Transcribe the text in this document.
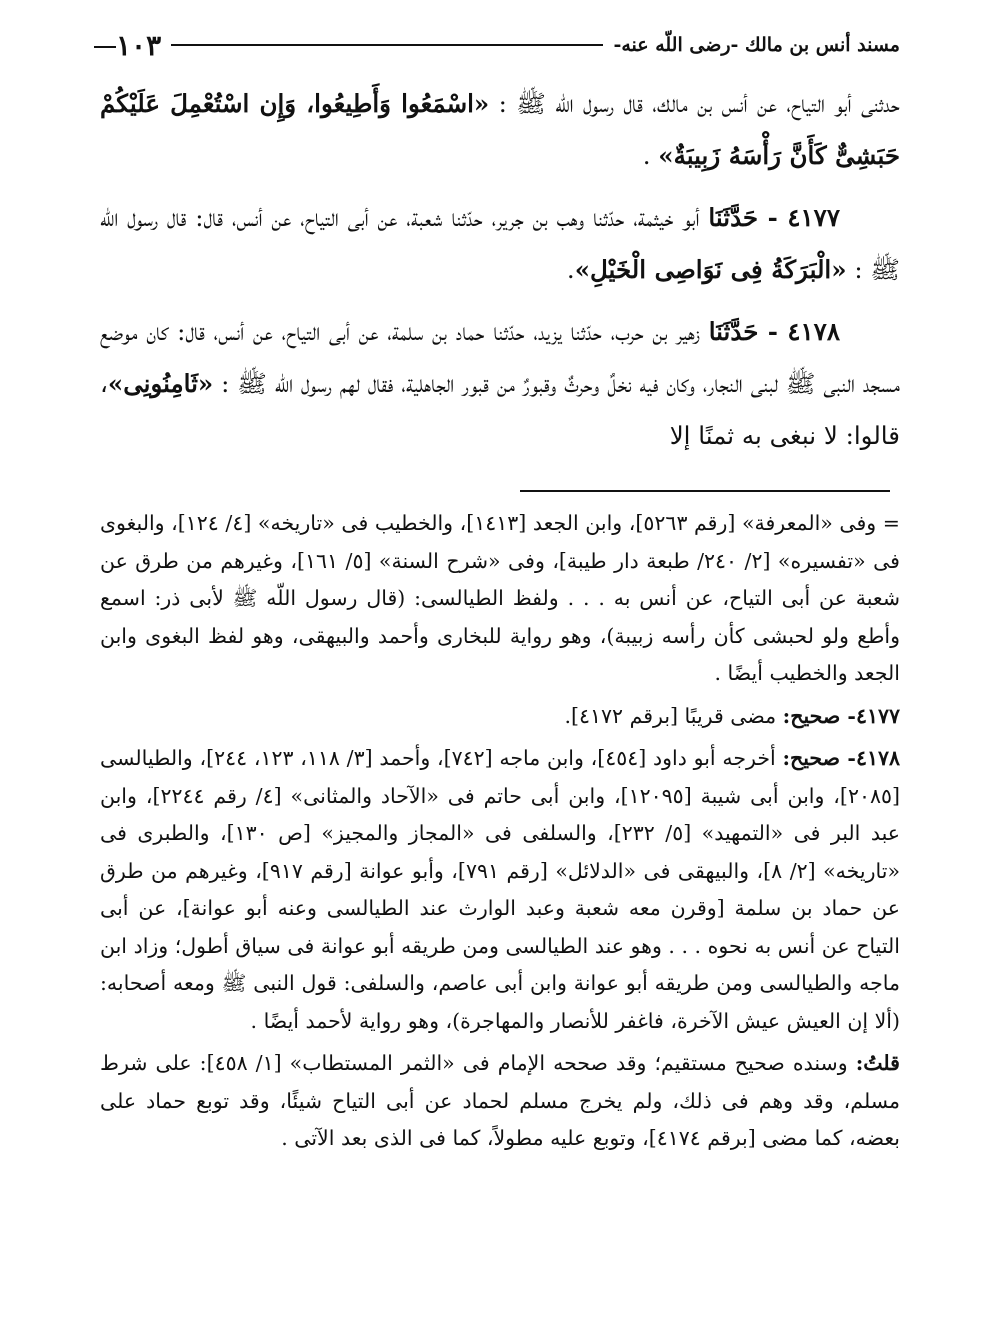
مسند أنس بن مالك -رضى اللّه عنه-
١٠٣

حدثنى أبو التياح، عن أنس بن مالك، قال رسول اللّه ﷺ : «اسْمَعُوا وَأَطِيعُوا، وَإِن اسْتُعْمِلَ عَلَيْكُمْ حَبَشِىٌّ كَأَنَّ رَأْسَهُ زَبِيبَةٌ» .

٤١٧٧ - حَدَّثَنَا أبو خيثمة، حدّثنا وهب بن جرير، حدّثنا شعبة، عن أبى التياح، عن أنس، قال: قال رسول اللّه ﷺ : «الْبَرَكَةُ فِى نَوَاصِى الْخَيْلِ».

٤١٧٨ - حَدَّثَنَا زهير بن حرب، حدّثنا يزيد، حدّثنا حماد بن سلمة، عن أبى التياح، عن أنس، قال: كان موضع مسجد النبى ﷺ لبنى النجار، وكان فيه نخلٌ وحرثٌ وقبورٌ من قبور الجاهلية، فقال لهم رسول اللّه ﷺ : «ثَامِنُونِى»، قالوا: لا نبغى به ثمنًا إلا

= وفى «المعرفة» [رقم ٥٢٦٣]، وابن الجعد [١٤١٣]، والخطيب فى «تاريخه» [٤/ ١٢٤]، والبغوى فى «تفسيره» [٢/ ٢٤٠/ طبعة دار طيبة]، وفى «شرح السنة» [٥/ ١٦١]، وغيرهم من طرق عن شعبة عن أبى التياح، عن أنس به . . . ولفظ الطيالسى: (قال رسول اللّه ﷺ لأبى ذر: اسمع وأطع ولو لحبشى كأن رأسه زبيبة)، وهو رواية للبخارى وأحمد والبيهقى، وهو لفظ البغوى وابن الجعد والخطيب أيضًا .

٤١٧٧- صحيح: مضى قريبًا [برقم ٤١٧٢].

٤١٧٨- صحيح: أخرجه أبو داود [٤٥٤]، وابن ماجه [٧٤٢]، وأحمد [٣/ ١١٨، ١٢٣، ٢٤٤]، والطيالسى [٢٠٨٥]، وابن أبى شيبة [١٢٠٩٥]، وابن أبى حاتم فى «الآحاد والمثانى» [٤/ رقم ٢٢٤٤]، وابن عبد البر فى «التمهيد» [٥/ ٢٣٢]، والسلفى فى «المجاز والمجيز» [ص ١٣٠]، والطبرى فى «تاريخه» [٢/ ٨]، والبيهقى فى «الدلائل» [رقم ٧٩١]، وأبو عوانة [رقم ٩١٧]، وغيرهم من طرق عن حماد بن سلمة [وقرن معه شعبة وعبد الوارث عند الطيالسى وعنه أبو عوانة]، عن أبى التياح عن أنس به نحوه . . . وهو عند الطيالسى ومن طريقه أبو عوانة فى سياق أطول؛ وزاد ابن ماجه والطيالسى ومن طريقه أبو عوانة وابن أبى عاصم، والسلفى: قول النبى ﷺ ومعه أصحابه: (ألا إن العيش عيش الآخرة، فاغفر للأنصار والمهاجرة)، وهو رواية لأحمد أيضًا .

قلتُ: وسنده صحيح مستقيم؛ وقد صححه الإمام فى «الثمر المستطاب» [١/ ٤٥٨]: على شرط مسلم، وقد وهم فى ذلك، ولم يخرج مسلم لحماد عن أبى التياح شيئًا، وقد توبع حماد على بعضه، كما مضى [برقم ٤١٧٤]، وتوبع عليه مطولاً، كما فى الذى بعد الآتى .
